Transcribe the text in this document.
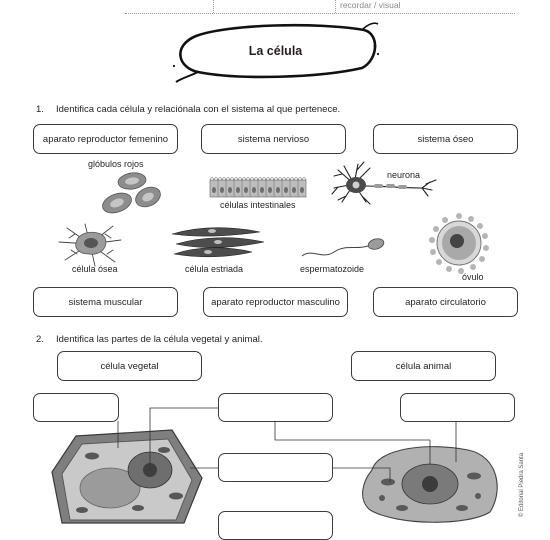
recordar / visual
La célula
1. Identifica cada célula y relaciónala con el sistema al que pertenece.
aparato reproductor femenino	sistema nervioso	sistema óseo
glóbulos rojos
células intestinales
neurona
célula ósea	célula estriada	espermatozoide
óvulo
sistema muscular	aparato reproductor masculino	aparato circulatorio
2. Identifica las partes de la célula vegetal y animal.
célula vegetal	célula animal
© Editorial Piedra Santa
